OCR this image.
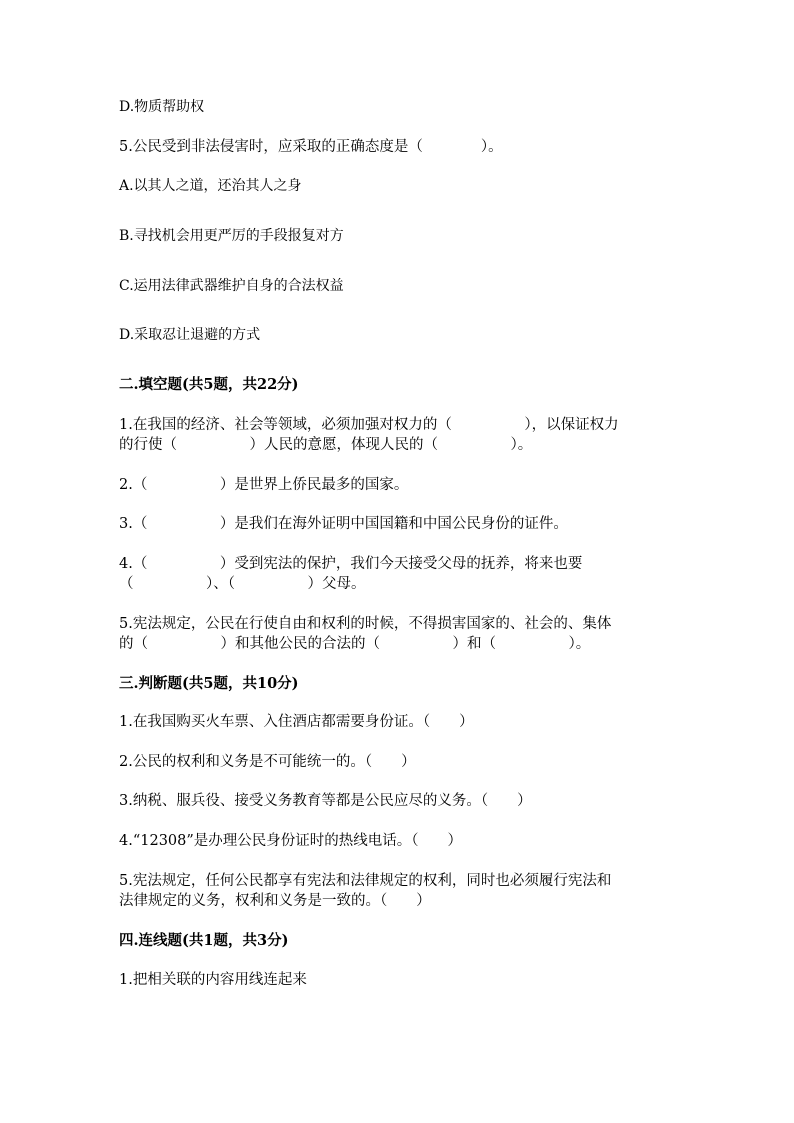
D.物质帮助权
5.公民受到非法侵害时，应采取的正确态度是（　　　　）。
A.以其人之道，还治其人之身
B.寻找机会用更严厉的手段报复对方
C.运用法律武器维护自身的合法权益
D.采取忍让退避的方式
二.填空题(共5题，共22分)
1.在我国的经济、社会等领域，必须加强对权力的（　　　　　），以保证权力
的行使（　　　　　）人民的意愿，体现人民的（　　　　　）。
2.（　　　　　）是世界上侨民最多的国家。
3.（　　　　　）是我们在海外证明中国国籍和中国公民身份的证件。
4.（　　　　　）受到宪法的保护，我们今天接受父母的抚养，将来也要
（　　　　　）、（　　　　　）父母。
5.宪法规定，公民在行使自由和权利的时候，不得损害国家的、社会的、集体
的（　　　　　）和其他公民的合法的（　　　　　）和（　　　　　）。
三.判断题(共5题，共10分)
1.在我国购买火车票、入住酒店都需要身份证。（　　）
2.公民的权利和义务是不可能统一的。（　　）
3.纳税、服兵役、接受义务教育等都是公民应尽的义务。（　　）
4.“12308”是办理公民身份证时的热线电话。（　　）
5.宪法规定，任何公民都享有宪法和法律规定的权利，同时也必须履行宪法和
法律规定的义务，权利和义务是一致的。（　　）
四.连线题(共1题，共3分)
1.把相关联的内容用线连起来
